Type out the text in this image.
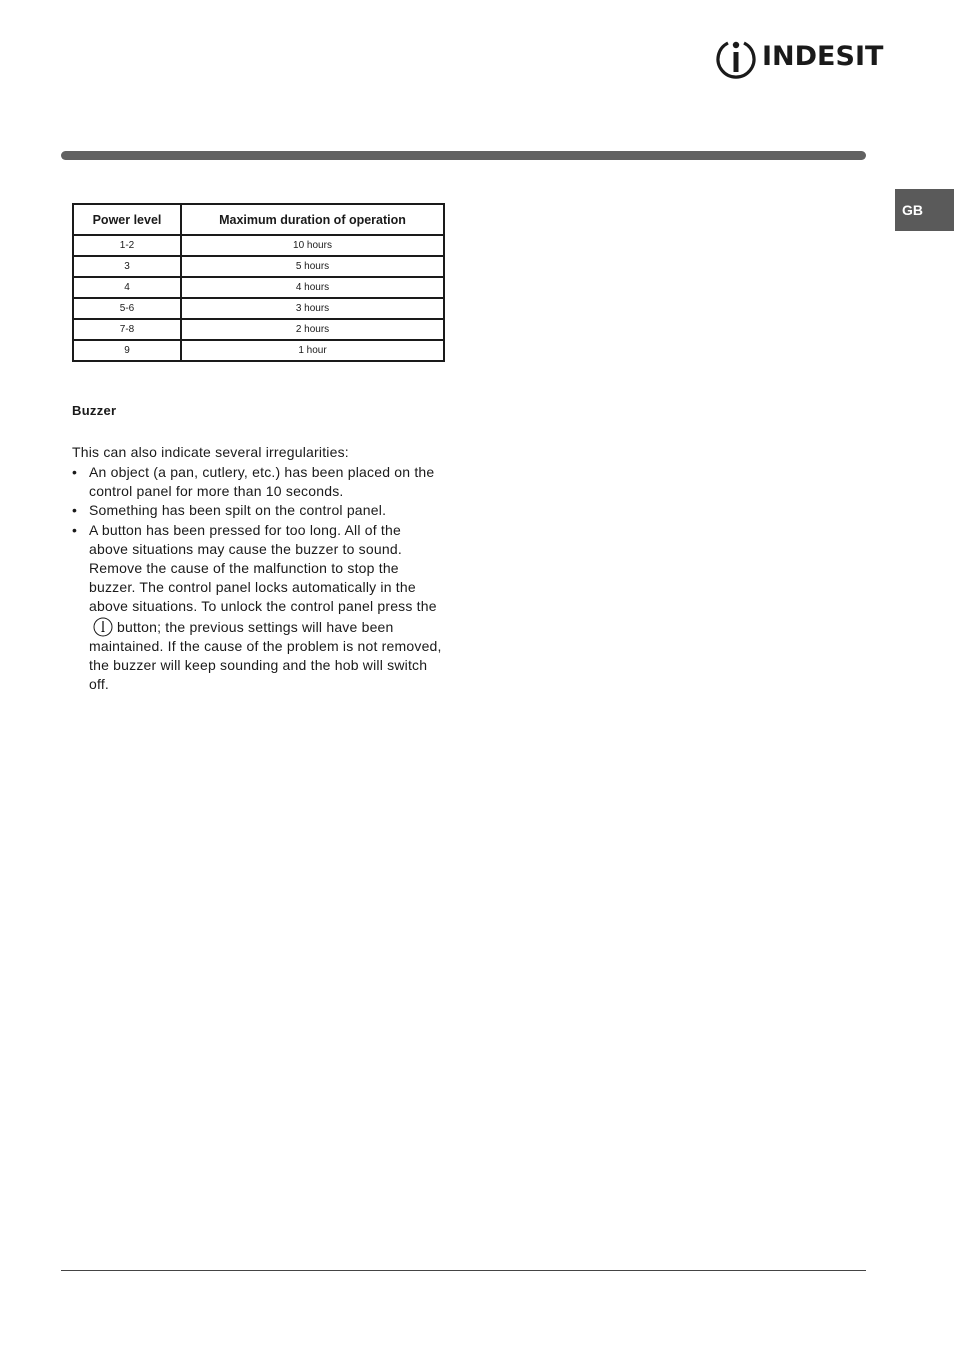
INDESIT
GB
Power level	Maximum duration of operation
1-2	10 hours
3	5 hours
4	4 hours
5-6	3 hours
7-8	2 hours
9	1 hour
Buzzer
This can also indicate several irregularities:
• An object (a pan, cutlery, etc.) has been placed on the control panel for more than 10 seconds.
• Something has been spilt on the control panel.
• A button has been pressed for too long. All of the above situations may cause the buzzer to sound. Remove the cause of the malfunction to stop the buzzer. The control panel locks automatically in the above situations. To unlock the control panel press thebutton; the previous settings will have been maintained. If the cause of the problem is not removed, the buzzer will keep sounding and the hob will switch off.
